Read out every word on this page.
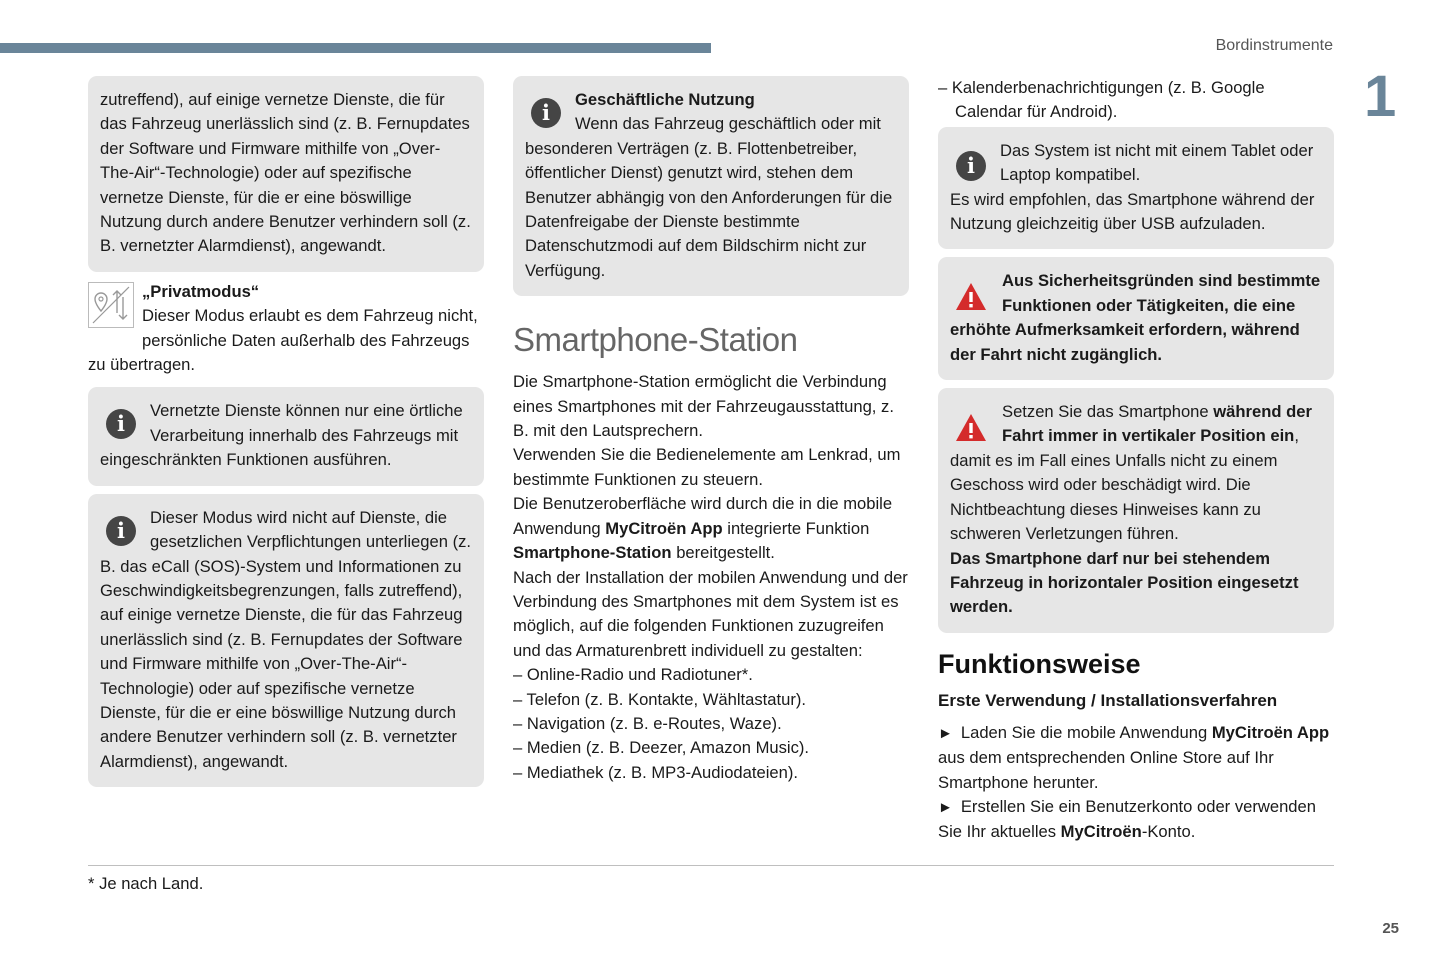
Bordinstrumente
1
zutreffend), auf einige vernetze Dienste, die für das Fahrzeug unerlässlich sind (z. B. Fernupdates der Software und Firmware mithilfe von „Over-The-Air“-Technologie) oder auf spezifische vernetze Dienste, für die er eine böswillige Nutzung durch andere Benutzer verhindern soll (z. B. vernetzter Alarmdienst), angewandt.
„Privatmodus“
Dieser Modus erlaubt es dem Fahrzeug nicht, persönliche Daten außerhalb des Fahrzeugs zu übertragen.
i
Vernetzte Dienste können nur eine örtliche Verarbeitung innerhalb des Fahrzeugs mit eingeschränkten Funktionen ausführen.
i
Dieser Modus wird nicht auf Dienste, die gesetzlichen Verpflichtungen unterliegen (z. B. das eCall (SOS)-System und Informationen zu Geschwindigkeitsbegrenzungen, falls zutreffend), auf einige vernetze Dienste, die für das Fahrzeug unerlässlich sind (z. B. Fernupdates der Software und Firmware mithilfe von „Over-The-Air“-Technologie) oder auf spezifische vernetze Dienste, für die er eine böswillige Nutzung durch andere Benutzer verhindern soll (z. B. vernetzter Alarmdienst), angewandt.
i
Geschäftliche Nutzung
Wenn das Fahrzeug geschäftlich oder mit besonderen Verträgen (z. B. Flottenbetreiber, öffentlicher Dienst) genutzt wird, stehen dem Benutzer abhängig von den Anforderungen für die Datenfreigabe der Dienste bestimmte Datenschutzmodi auf dem Bildschirm nicht zur Verfügung.
Smartphone-Station
Die Smartphone-Station ermöglicht die Verbindung eines Smartphones mit der Fahrzeugausstattung, z. B. mit den Lautsprechern.
Verwenden Sie die Bedienelemente am Lenkrad, um bestimmte Funktionen zu steuern.
Die Benutzeroberfläche wird durch die in die mobile Anwendung MyCitroën App integrierte Funktion Smartphone-Station bereitgestellt.
Nach der Installation der mobilen Anwendung und der Verbindung des Smartphones mit dem System ist es möglich, auf die folgenden Funktionen zuzugreifen und das Armaturenbrett individuell zu gestalten:
– Online-Radio und Radiotuner*.
– Telefon (z. B. Kontakte, Wähltastatur).
– Navigation (z. B. e-Routes, Waze).
– Medien (z. B. Deezer, Amazon Music).
– Mediathek (z. B. MP3-Audiodateien).
– Kalenderbenachrichtigungen (z. B. Google Calendar für Android).
i
Das System ist nicht mit einem Tablet oder Laptop kompatibel.
Es wird empfohlen, das Smartphone während der Nutzung gleichzeitig über USB aufzuladen.
Aus Sicherheitsgründen sind bestimmte Funktionen oder Tätigkeiten, die eine erhöhte Aufmerksamkeit erfordern, während der Fahrt nicht zugänglich.
Setzen Sie das Smartphone während der Fahrt immer in vertikaler Position ein, damit es im Fall eines Unfalls nicht zu einem Geschoss wird oder beschädigt wird. Die Nichtbeachtung dieses Hinweises kann zu schweren Verletzungen führen.
Das Smartphone darf nur bei stehendem Fahrzeug in horizontaler Position eingesetzt werden.
Funktionsweise
Erste Verwendung / Installationsverfahren
► Laden Sie die mobile Anwendung MyCitroën App aus dem entsprechenden Online Store auf Ihr Smartphone herunter.
► Erstellen Sie ein Benutzerkonto oder verwenden Sie Ihr aktuelles MyCitroën-Konto.
* Je nach Land.
25
